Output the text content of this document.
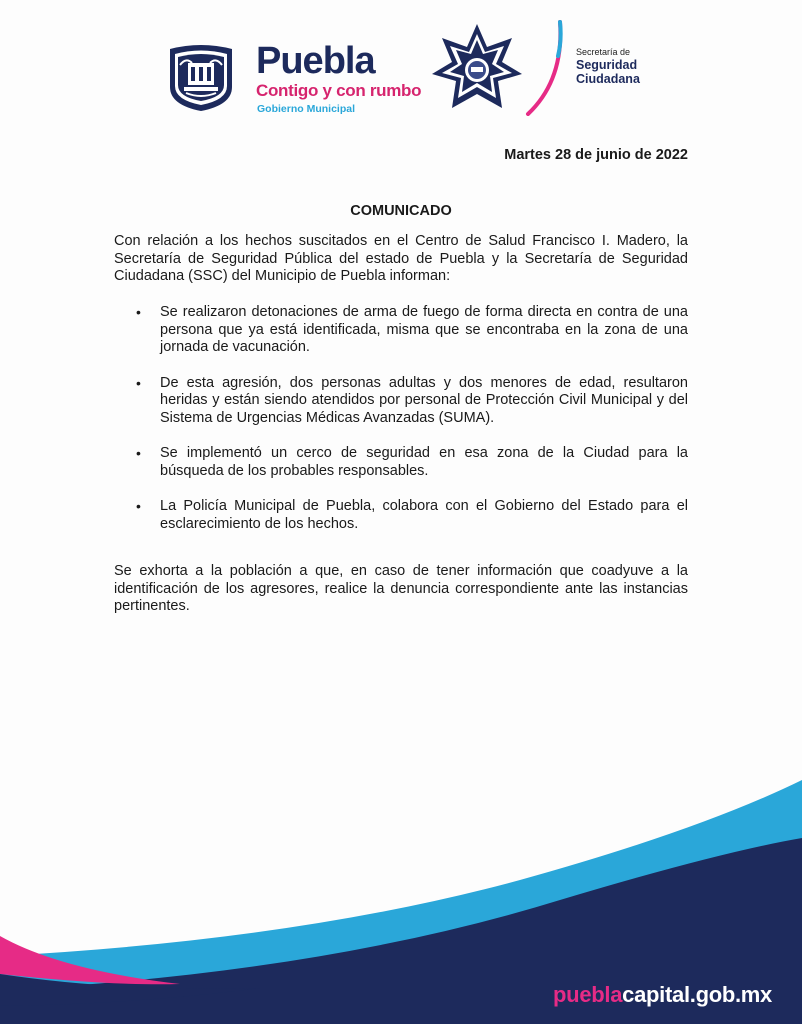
Puebla
Contigo y con rumbo
Gobierno Municipal
Secretaría de
Seguridad
Ciudadana
Martes 28 de junio de 2022
COMUNICADO
Con relación a los hechos suscitados en el Centro de Salud Francisco I. Madero, la Secretaría de Seguridad Pública del estado de Puebla y la Secretaría de Seguridad Ciudadana (SSC) del Municipio de Puebla informan:
• Se realizaron detonaciones de arma de fuego de forma directa en contra de una persona que ya está identificada, misma que se encontraba en la zona de una jornada de vacunación.
• De esta agresión, dos personas adultas y dos menores de edad, resultaron heridas y están siendo atendidos por personal de Protección Civil Municipal y del Sistema de Urgencias Médicas Avanzadas (SUMA).
• Se implementó un cerco de seguridad en esa zona de la Ciudad para la búsqueda de los probables responsables.
• La Policía Municipal de Puebla, colabora con el Gobierno del Estado para el esclarecimiento de los hechos.
Se exhorta a la población a que, en caso de tener información que coadyuve a la identificación de los agresores, realice la denuncia correspondiente ante las instancias pertinentes.
pueblacapital.gob.mx
